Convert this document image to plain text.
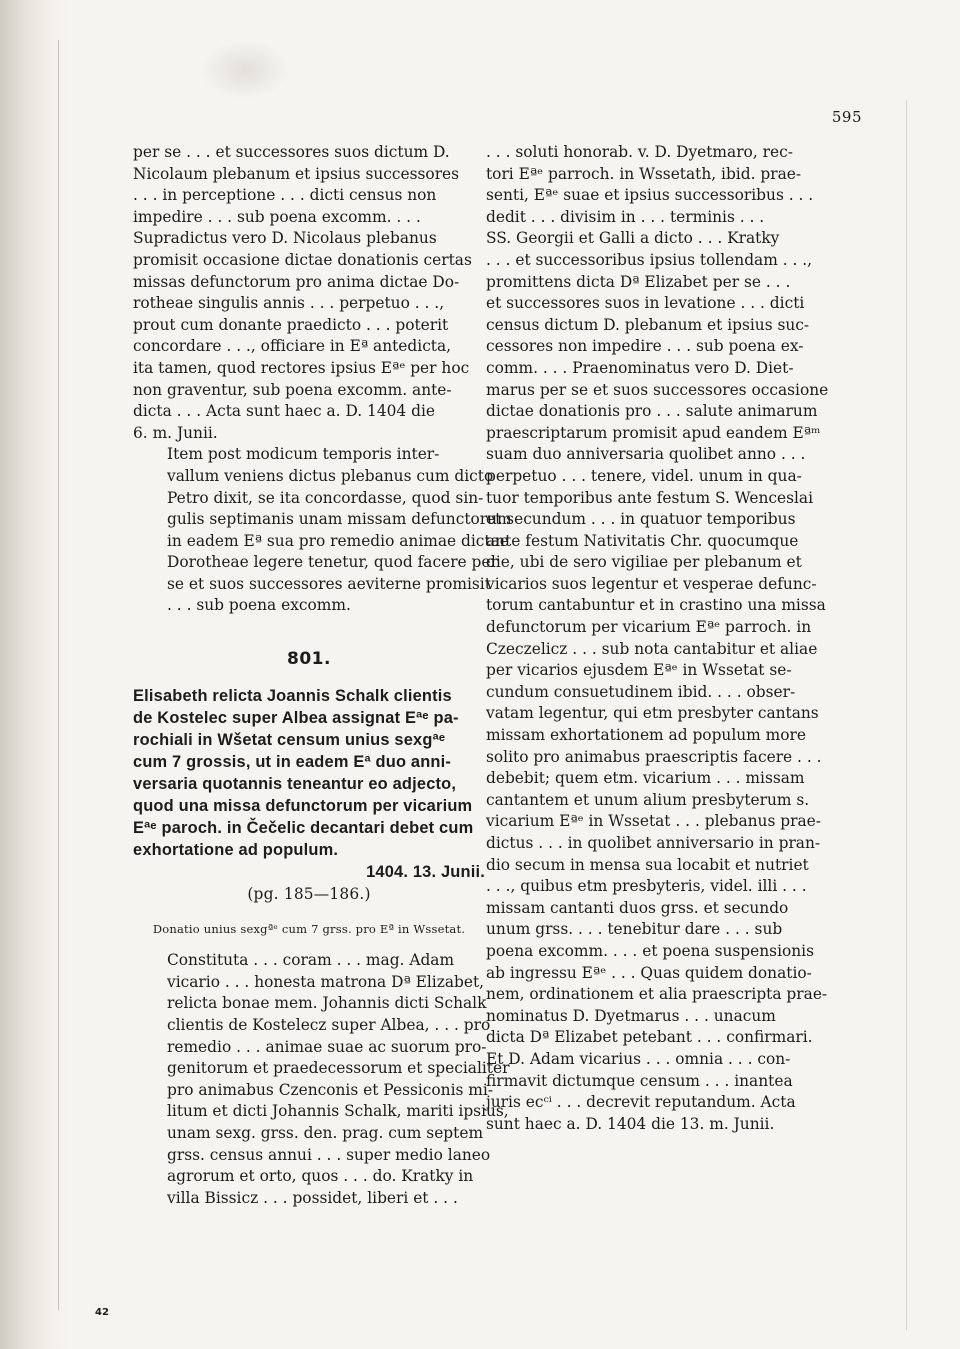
595

per se . . . et successores suos dictum D.
Nicolaum plebanum et ipsius successores
. . . in perceptione . . . dicti census non
impedire . . . sub poena excomm. . . .
Supradictus vero D. Nicolaus plebanus
promisit occasione dictae donationis certas
missas defunctorum pro anima dictae Do-
rotheae singulis annis . . . perpetuo . . .,
prout cum donante praedicto . . . poterit
concordare . . ., officiare in Eª antedicta,
ita tamen, quod rectores ipsius Eªᵉ per hoc
non graventur, sub poena excomm. ante-
dicta . . . Acta sunt haec a. D. 1404 die
6. m. Junii.

Item post modicum temporis inter-
vallum veniens dictus plebanus cum dicto
Petro dixit, se ita concordasse, quod sin-
gulis septimanis unam missam defunctorum
in eadem Eª sua pro remedio animae dictae
Dorotheae legere tenetur, quod facere per
se et suos successores aeviterne promisit
. . . sub poena excomm.

801.
Elisabeth relicta Joannis Schalk clientis
de Kostelec super Albea assignat Eªᵉ pa-
rochiali in Wšetat censum unius sexgªᵉ
cum 7 grossis, ut in eadem Eª duo anni-
versaria quotannis teneantur eo adjecto,
quod una missa defunctorum per vicarium
Eªᵉ paroch. in Čečelic decantari debet cum
exhortatione ad populum.
1404. 13. Junii.
(pg. 185—186.)
Donatio unius sexgªᵉ cum 7 grss. pro Eª in Wssetat.

Constituta . . . coram . . . mag. Adam
vicario . . . honesta matrona Dª Elizabet,
relicta bonae mem. Johannis dicti Schalk
clientis de Kostelecz super Albea, . . . pro
remedio . . . animae suae ac suorum pro-
genitorum et praedecessorum et specialiter
pro animabus Czenconis et Pessiconis mi-
litum et dicti Johannis Schalk, mariti ipsius,
unam sexg. grss. den. prag. cum septem
grss. census annui . . . super medio laneo
agrorum et orto, quos . . . do. Kratky in
villa Bissicz . . . possidet, liberi et . . .

. . . soluti honorab. v. D. Dyetmaro, rec-
tori Eªᵉ parroch. in Wssetath, ibid. prae-
senti, Eªᵉ suae et ipsius successoribus . . .
dedit . . . divisim in . . . terminis . . .
SS. Georgii et Galli a dicto . . . Kratky
. . . et successoribus ipsius tollendam . . .,
promittens dicta Dª Elizabet per se . . .
et successores suos in levatione . . . dicti
census dictum D. plebanum et ipsius suc-
cessores non impedire . . . sub poena ex-
comm. . . . Praenominatus vero D. Diet-
marus per se et suos successores occasione
dictae donationis pro . . . salute animarum
praescriptarum promisit apud eandem Eªᵐ
suam duo anniversaria quolibet anno . . .
perpetuo . . . tenere, videl. unum in qua-
tuor temporibus ante festum S. Wenceslai
et secundum . . . in quatuor temporibus
ante festum Nativitatis Chr. quocumque
die, ubi de sero vigiliae per plebanum et
vicarios suos legentur et vesperae defunc-
torum cantabuntur et in crastino una missa
defunctorum per vicarium Eªᵉ parroch. in
Czeczelicz . . . sub nota cantabitur et aliae
per vicarios ejusdem Eªᵉ in Wssetat se-
cundum consuetudinem ibid. . . . obser-
vatam legentur, qui etm presbyter cantans
missam exhortationem ad populum more
solito pro animabus praescriptis facere . . .
debebit; quem etm. vicarium . . . missam
cantantem et unum alium presbyterum s.
vicarium Eªᵉ in Wssetat . . . plebanus prae-
dictus . . . in quolibet anniversario in pran-
dio secum in mensa sua locabit et nutriet
. . ., quibus etm presbyteris, videl. illi . . .
missam cantanti duos grss. et secundo
unum grss. . . . tenebitur dare . . . sub
poena excomm. . . . et poena suspensionis
ab ingressu Eªᵉ . . . Quas quidem donatio-
nem, ordinationem et alia praescripta prae-
nominatus D. Dyetmarus . . . unacum
dicta Dª Elizabet petebant . . . confirmari.
Et D. Adam vicarius . . . omnia . . . con-
firmavit dictumque censum . . . inantea
juris ecᶜⁱ . . . decrevit reputandum. Acta
sunt haec a. D. 1404 die 13. m. Junii.

42
